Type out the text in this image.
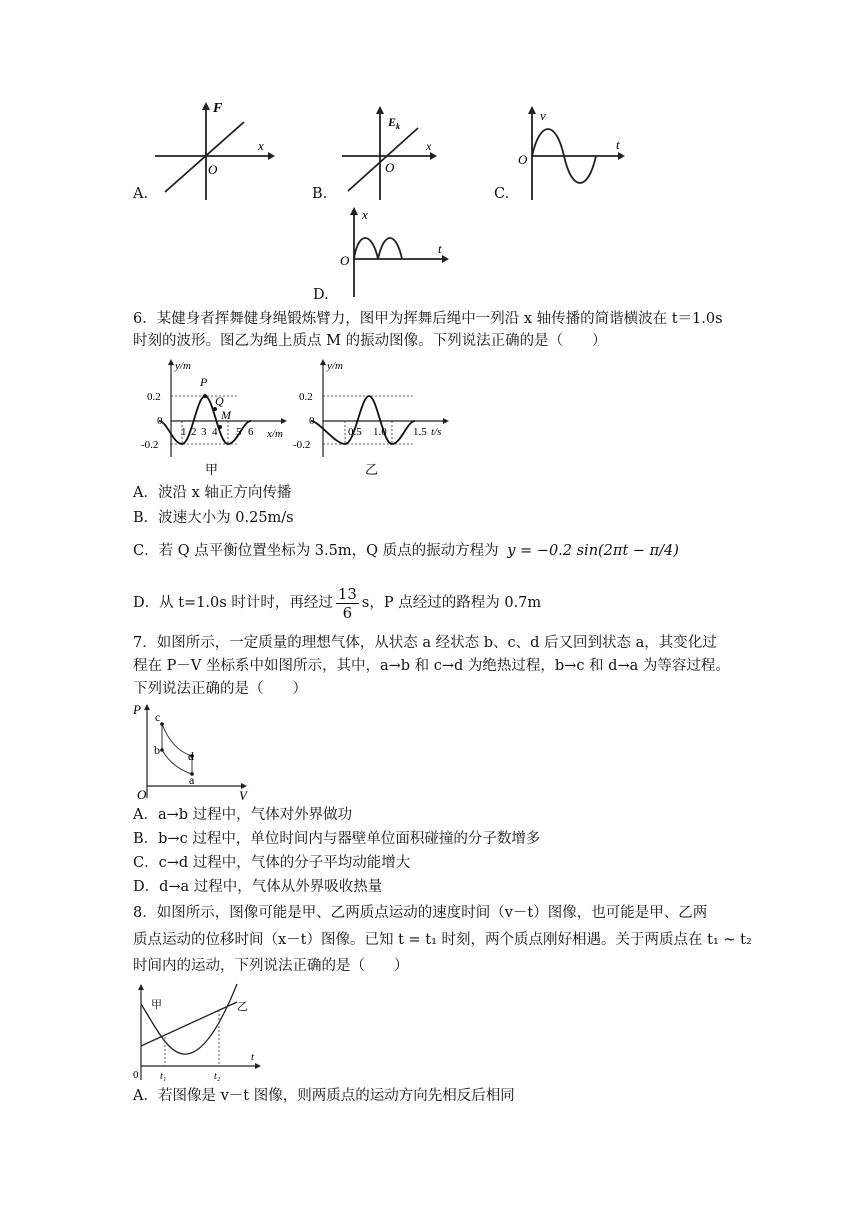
A.
F
x
O
B.
$E_k$
x
O
C.
v
t
O
D.
x
t
O
6．某健身者挥舞健身绳锻炼臂力，图甲为挥舞后绳中一列沿 x 轴传播的简谐横波在 t＝1.0s
时刻的波形。图乙为绳上质点 M 的振动图像。下列说法正确的是（　　）
0.2
0
-0.2
y/m
x/m
1 2 3 4 5 6
P
Q
M
甲
0.2
0
-0.2
y/m
t/s
0.5 1.0 1.5
乙
A．波沿 x 轴正方向传播
B．波速大小为 0.25m/s
C．若 Q 点平衡位置坐标为 3.5m，Q 质点的振动方程为 y = −0.2 sin(2πt − π/4)
D．从 t=1.0s 时计时，再经过 $\frac{13}{6}$ s，P 点经过的路程为 0.7m
7．如图所示，一定质量的理想气体，从状态 a 经状态 b、c、d 后又回到状态 a，其变化过
程在 P－V 坐标系中如图所示，其中，a→b 和 c→d 为绝热过程，b→c 和 d→a 为等容过程。
下列说法正确的是（　　）
P
V
O
c
b d
a
A．a→b 过程中，气体对外界做功
B．b→c 过程中，单位时间内与器壁单位面积碰撞的分子数增多
C．c→d 过程中，气体的分子平均动能增大
D．d→a 过程中，气体从外界吸收热量
8．如图所示，图像可能是甲、乙两质点运动的速度时间（v－t）图像，也可能是甲、乙两
质点运动的位移时间（x－t）图像。已知 t = t₁ 时刻，两个质点刚好相遇。关于两质点在 t₁ ~ t₂
时间内的运动，下列说法正确的是（　　）
甲	乙
0
t
t₁	t₂
A．若图像是 v－t 图像，则两质点的运动方向先相反后相同
